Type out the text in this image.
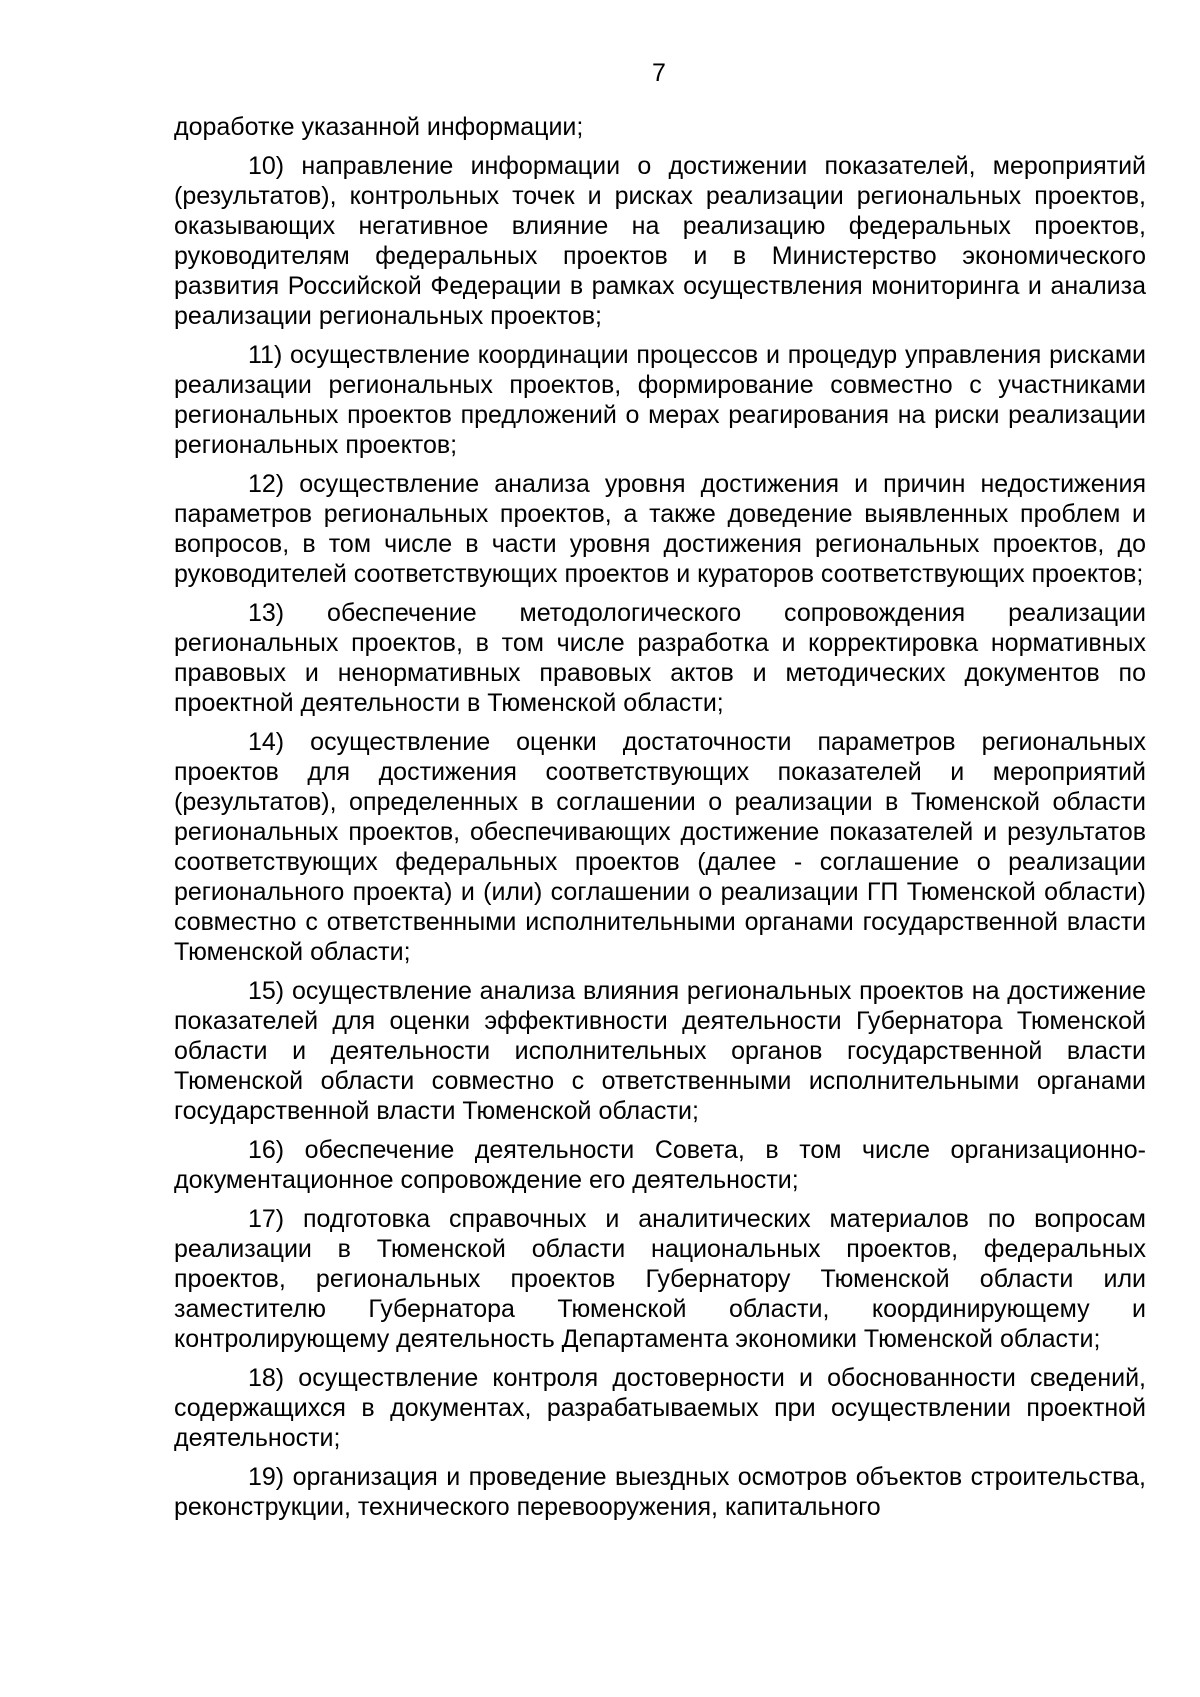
7

доработке указанной информации;

10) направление информации о достижении показателей, мероприятий (результатов), контрольных точек и рисках реализации региональных проектов, оказывающих негативное влияние на реализацию федеральных проектов, руководителям федеральных проектов и в Министерство экономического развития Российской Федерации в рамках осуществления мониторинга и анализа реализации региональных проектов;

11) осуществление координации процессов и процедур управления рисками реализации региональных проектов, формирование совместно с участниками региональных проектов предложений о мерах реагирования на риски реализации региональных проектов;

12) осуществление анализа уровня достижения и причин недостижения параметров региональных проектов, а также доведение выявленных проблем и вопросов, в том числе в части уровня достижения региональных проектов, до руководителей соответствующих проектов и кураторов соответствующих проектов;

13) обеспечение методологического сопровождения реализации региональных проектов, в том числе разработка и корректировка нормативных правовых и ненормативных правовых актов и методических документов по проектной деятельности в Тюменской области;

14) осуществление оценки достаточности параметров региональных проектов для достижения соответствующих показателей и мероприятий (результатов), определенных в соглашении о реализации в Тюменской области региональных проектов, обеспечивающих достижение показателей и результатов соответствующих федеральных проектов (далее - соглашение о реализации регионального проекта) и (или) соглашении о реализации ГП Тюменской области) совместно с ответственными исполнительными органами государственной власти Тюменской области;

15) осуществление анализа влияния региональных проектов на достижение показателей для оценки эффективности деятельности Губернатора Тюменской области и деятельности исполнительных органов государственной власти Тюменской области совместно с ответственными исполнительными органами государственной власти Тюменской области;

16) обеспечение деятельности Совета, в том числе организационно-документационное сопровождение его деятельности;

17) подготовка справочных и аналитических материалов по вопросам реализации в Тюменской области национальных проектов, федеральных проектов, региональных проектов Губернатору Тюменской области или заместителю Губернатора Тюменской области, координирующему и контролирующему деятельность Департамента экономики Тюменской области;

18) осуществление контроля достоверности и обоснованности сведений, содержащихся в документах, разрабатываемых при осуществлении проектной деятельности;

19) организация и проведение выездных осмотров объектов строительства, реконструкции, технического перевооружения, капитального
